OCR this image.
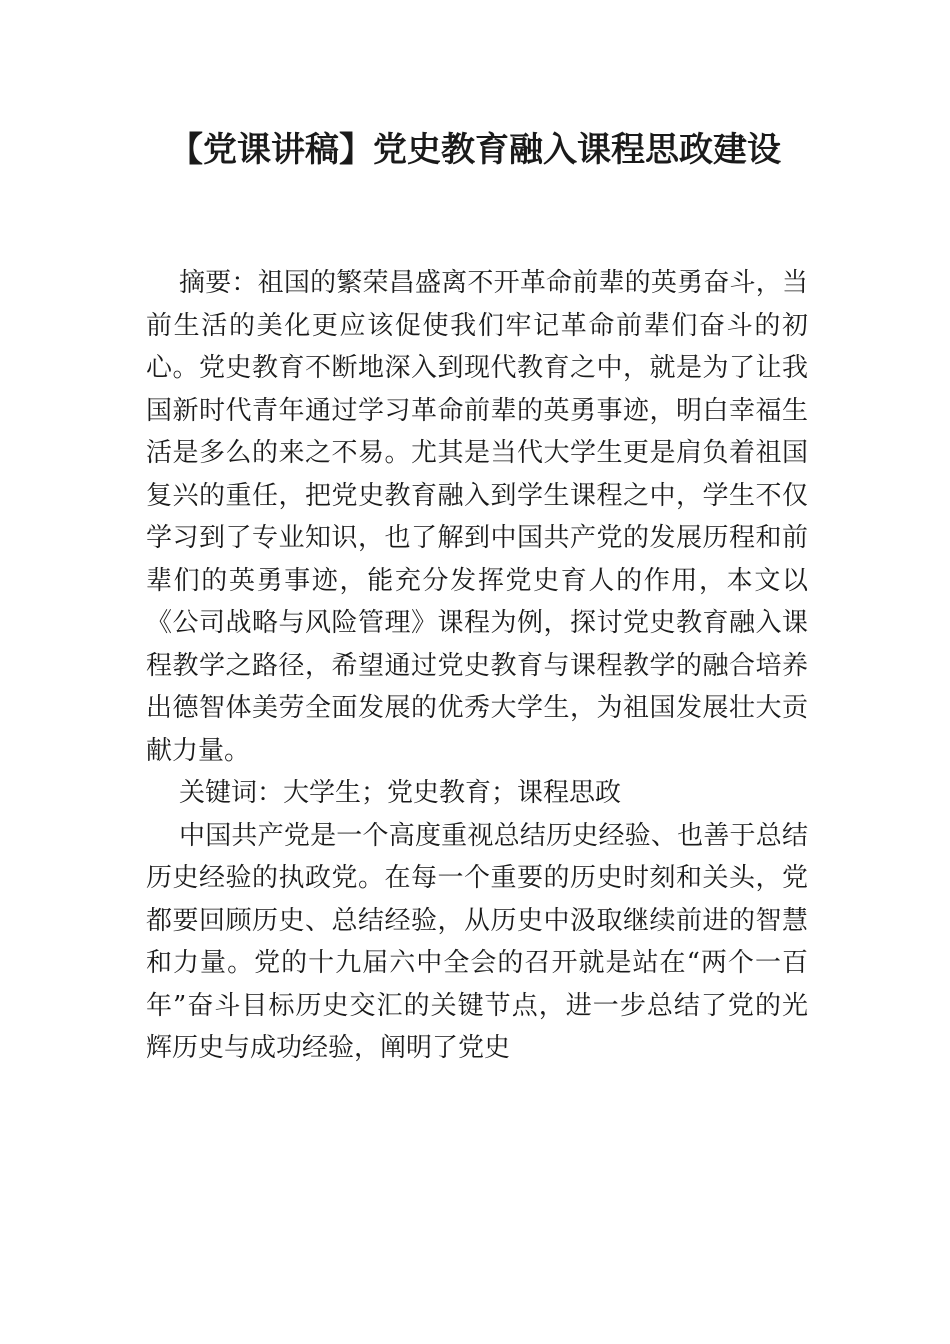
【党课讲稿】党史教育融入课程思政建设

摘要：祖国的繁荣昌盛离不开革命前辈的英勇奋斗，当前生活的美化更应该促使我们牢记革命前辈们奋斗的初心。党史教育不断地深入到现代教育之中，就是为了让我国新时代青年通过学习革命前辈的英勇事迹，明白幸福生活是多么的来之不易。尤其是当代大学生更是肩负着祖国复兴的重任，把党史教育融入到学生课程之中，学生不仅学习到了专业知识，也了解到中国共产党的发展历程和前辈们的英勇事迹，能充分发挥党史育人的作用，本文以《公司战略与风险管理》课程为例，探讨党史教育融入课程教学之路径，希望通过党史教育与课程教学的融合培养出德智体美劳全面发展的优秀大学生，为祖国发展壮大贡献力量。

关键词：大学生；党史教育；课程思政

中国共产党是一个高度重视总结历史经验、也善于总结历史经验的执政党。在每一个重要的历史时刻和关头，党都要回顾历史、总结经验，从历史中汲取继续前进的智慧和力量。党的十九届六中全会的召开就是站在“两个一百年”奋斗目标历史交汇的关键节点，进一步总结了党的光辉历史与成功经验，阐明了党史
